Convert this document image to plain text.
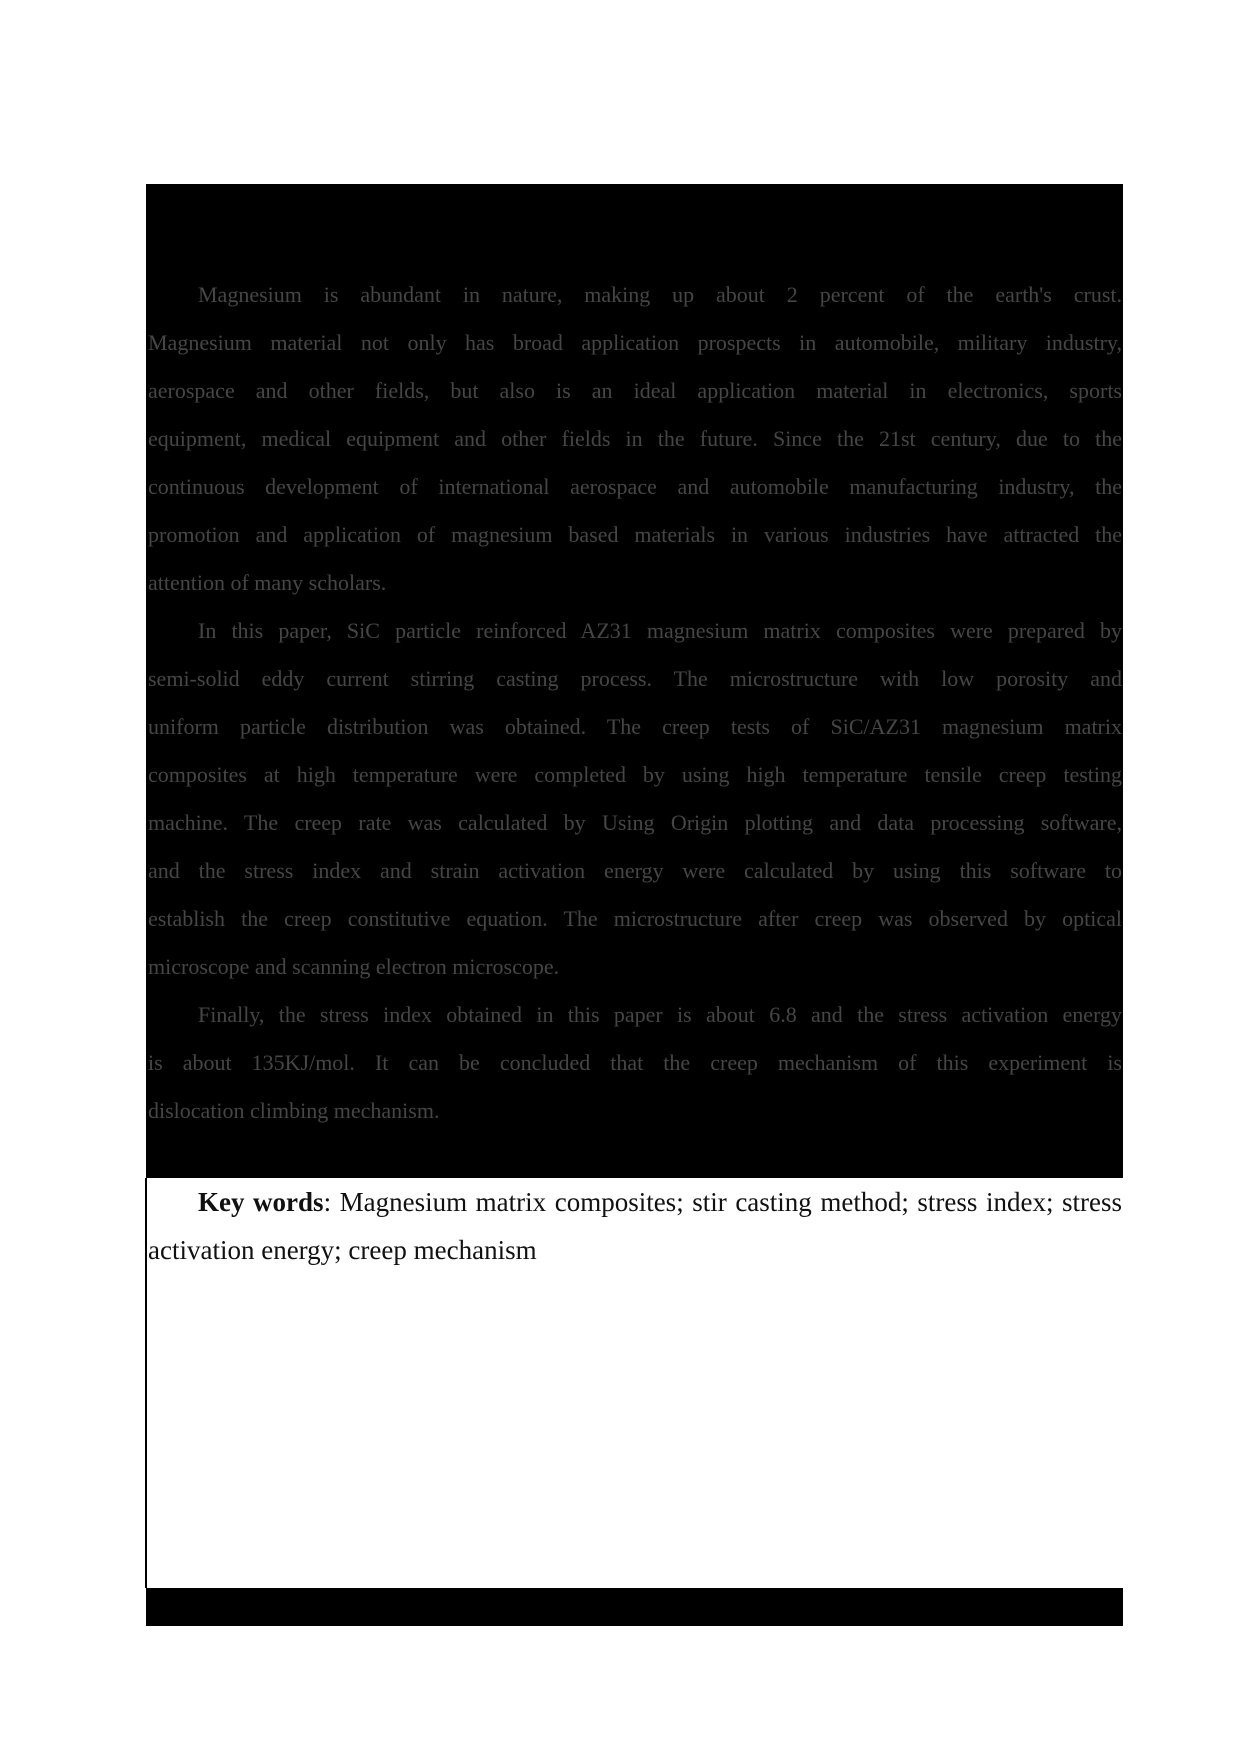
Magnesium is abundant in nature, making up about 2 percent of the earth's crust.
Magnesium material not only has broad application prospects in automobile, military industry,
aerospace and other fields, but also is an ideal application material in electronics, sports
equipment, medical equipment and other fields in the future. Since the 21st century, due to the
continuous development of international aerospace and automobile manufacturing industry, the
promotion and application of magnesium based materials in various industries have attracted the
attention of many scholars.
In this paper, SiC particle reinforced AZ31 magnesium matrix composites were prepared by
semi-solid eddy current stirring casting process. The microstructure with low porosity and
uniform particle distribution was obtained. The creep tests of SiC/AZ31 magnesium matrix
composites at high temperature were completed by using high temperature tensile creep testing
machine. The creep rate was calculated by Using Origin plotting and data processing software,
and the stress index and strain activation energy were calculated by using this software to
establish the creep constitutive equation. The microstructure after creep was observed by optical
microscope and scanning electron microscope.
Finally, the stress index obtained in this paper is about 6.8 and the stress activation energy
is about 135KJ/mol. It can be concluded that the creep mechanism of this experiment is
dislocation climbing mechanism.
Key words: Magnesium matrix composites; stir casting method; stress index; stress
activation energy; creep mechanism
